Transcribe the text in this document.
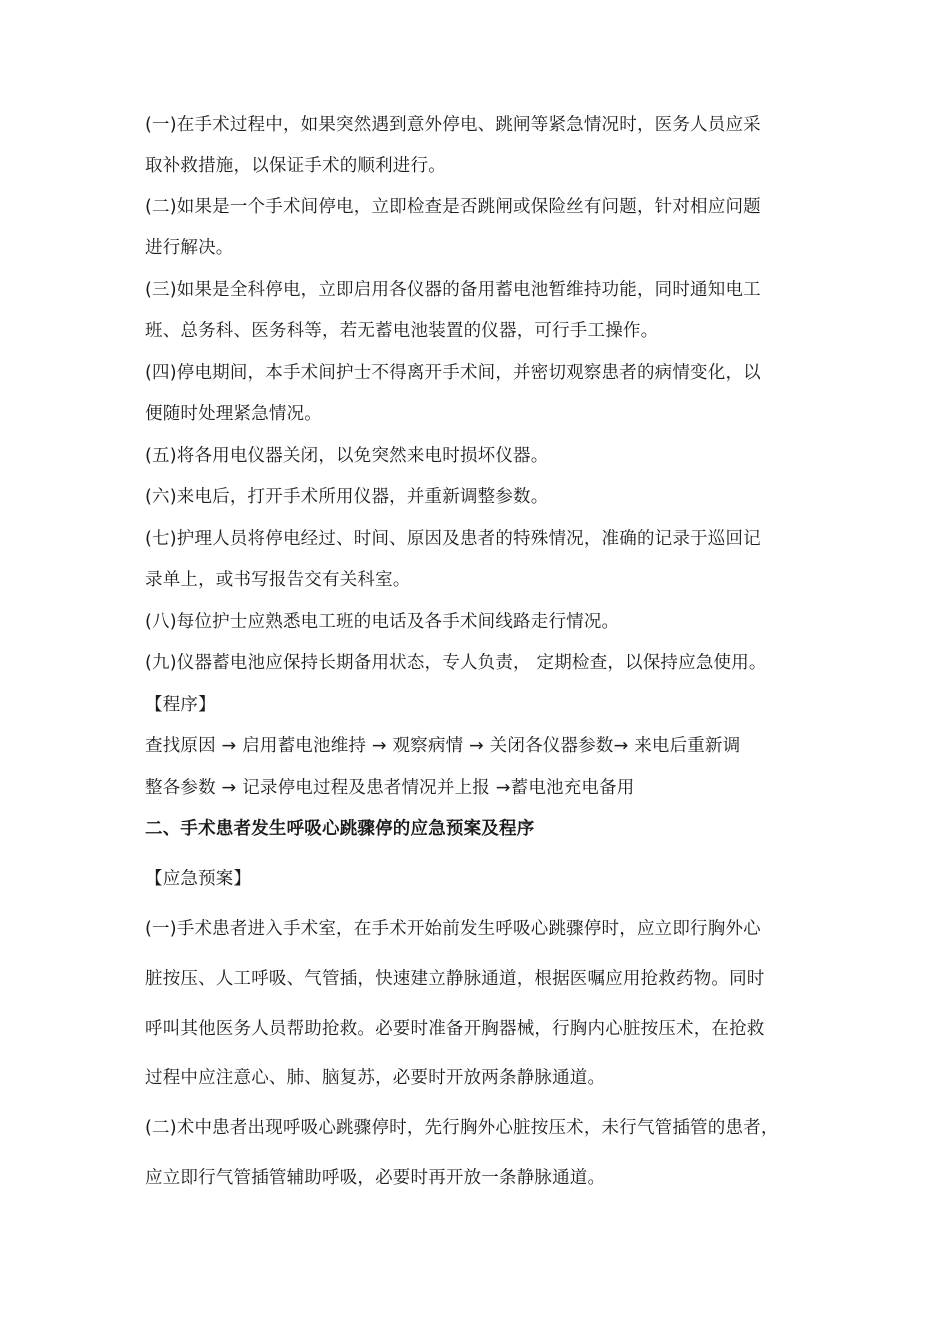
(一)在手术过程中，如果突然遇到意外停电、跳闸等紧急情况时，医务人员应采
取补救措施，以保证手术的顺利进行。
(二)如果是一个手术间停电，立即检查是否跳闸或保险丝有问题，针对相应问题
进行解决。
(三)如果是全科停电，立即启用各仪器的备用蓄电池暂维持功能，同时通知电工
班、总务科、医务科等，若无蓄电池装置的仪器，可行手工操作。
(四)停电期间，本手术间护士不得离开手术间，并密切观察患者的病情变化，以
便随时处理紧急情况。
(五)将各用电仪器关闭，以免突然来电时损坏仪器。
(六)来电后，打开手术所用仪器，并重新调整参数。
(七)护理人员将停电经过、时间、原因及患者的特殊情况，准确的记录于巡回记
录单上，或书写报告交有关科室。
(八)每位护士应熟悉电工班的电话及各手术间线路走行情况。
(九)仪器蓄电池应保持长期备用状态，专人负责， 定期检查，以保持应急使用。
【程序】
查找原因 → 启用蓄电池维持 → 观察病情 → 关闭各仪器参数→ 来电后重新调
整各参数 → 记录停电过程及患者情况并上报 →蓄电池充电备用
二、手术患者发生呼吸心跳骤停的应急预案及程序
【应急预案】
(一)手术患者进入手术室，在手术开始前发生呼吸心跳骤停时，应立即行胸外心
脏按压、人工呼吸、气管插，快速建立静脉通道，根据医嘱应用抢救药物。同时
呼叫其他医务人员帮助抢救。必要时准备开胸器械，行胸内心脏按压术，在抢救
过程中应注意心、肺、脑复苏，必要时开放两条静脉通道。
(二)术中患者出现呼吸心跳骤停时，先行胸外心脏按压术，未行气管插管的患者，
应立即行气管插管辅助呼吸，必要时再开放一条静脉通道。
